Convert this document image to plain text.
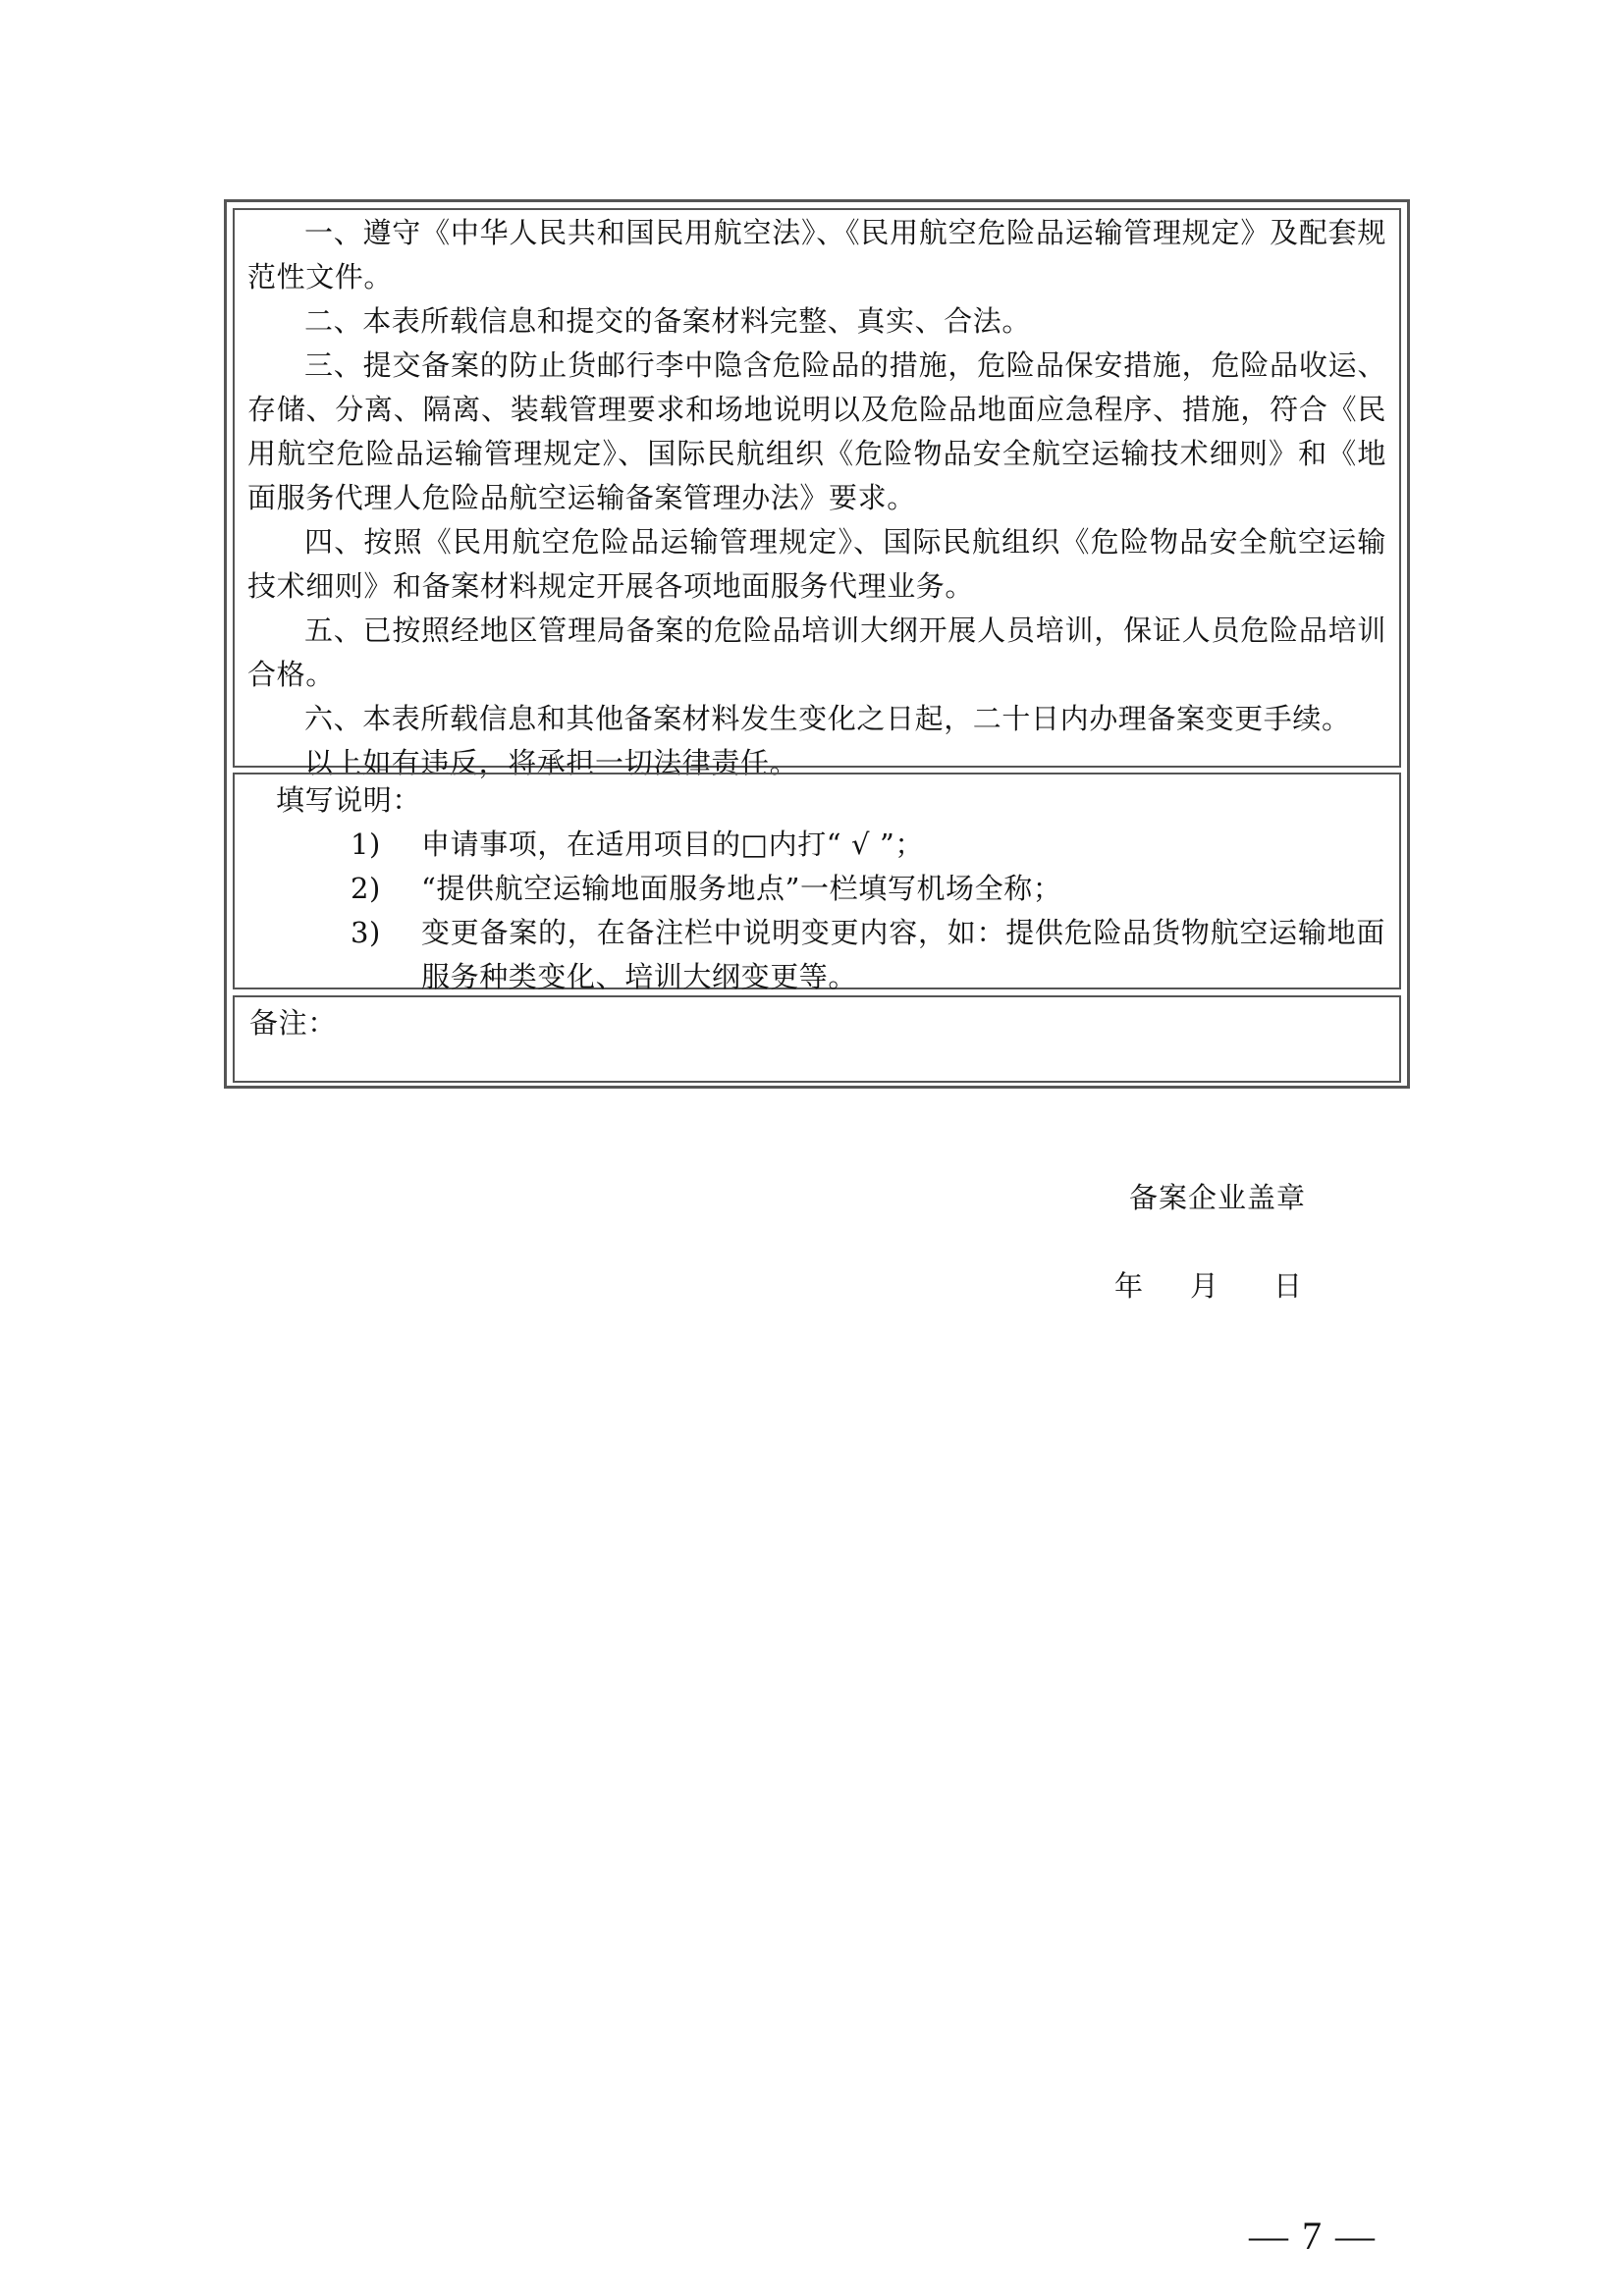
一、遵守《中华人民共和国民用航空法》、《民用航空危险品运输管理规定》及配套规范性文件。

二、本表所载信息和提交的备案材料完整、真实、合法。

三、提交备案的防止货邮行李中隐含危险品的措施，危险品保安措施，危险品收运、存储、分离、隔离、装载管理要求和场地说明以及危险品地面应急程序、措施，符合《民用航空危险品运输管理规定》、国际民航组织《危险物品安全航空运输技术细则》和《地面服务代理人危险品航空运输备案管理办法》要求。

四、按照《民用航空危险品运输管理规定》、国际民航组织《危险物品安全航空运输技术细则》和备案材料规定开展各项地面服务代理业务。

五、已按照经地区管理局备案的危险品培训大纲开展人员培训，保证人员危险品培训合格。

六、本表所载信息和其他备案材料发生变化之日起，二十日内办理备案变更手续。

以上如有违反，将承担一切法律责任。

填写说明：
1) 申请事项，在适用项目的□内打“ √ ”；
2) “提供航空运输地面服务地点”一栏填写机场全称；
3) 变更备案的，在备注栏中说明变更内容，如：提供危险品货物航空运输地面服务种类变化、培训大纲变更等。
备注：
备案企业盖章
年 月 日
— 7 —
